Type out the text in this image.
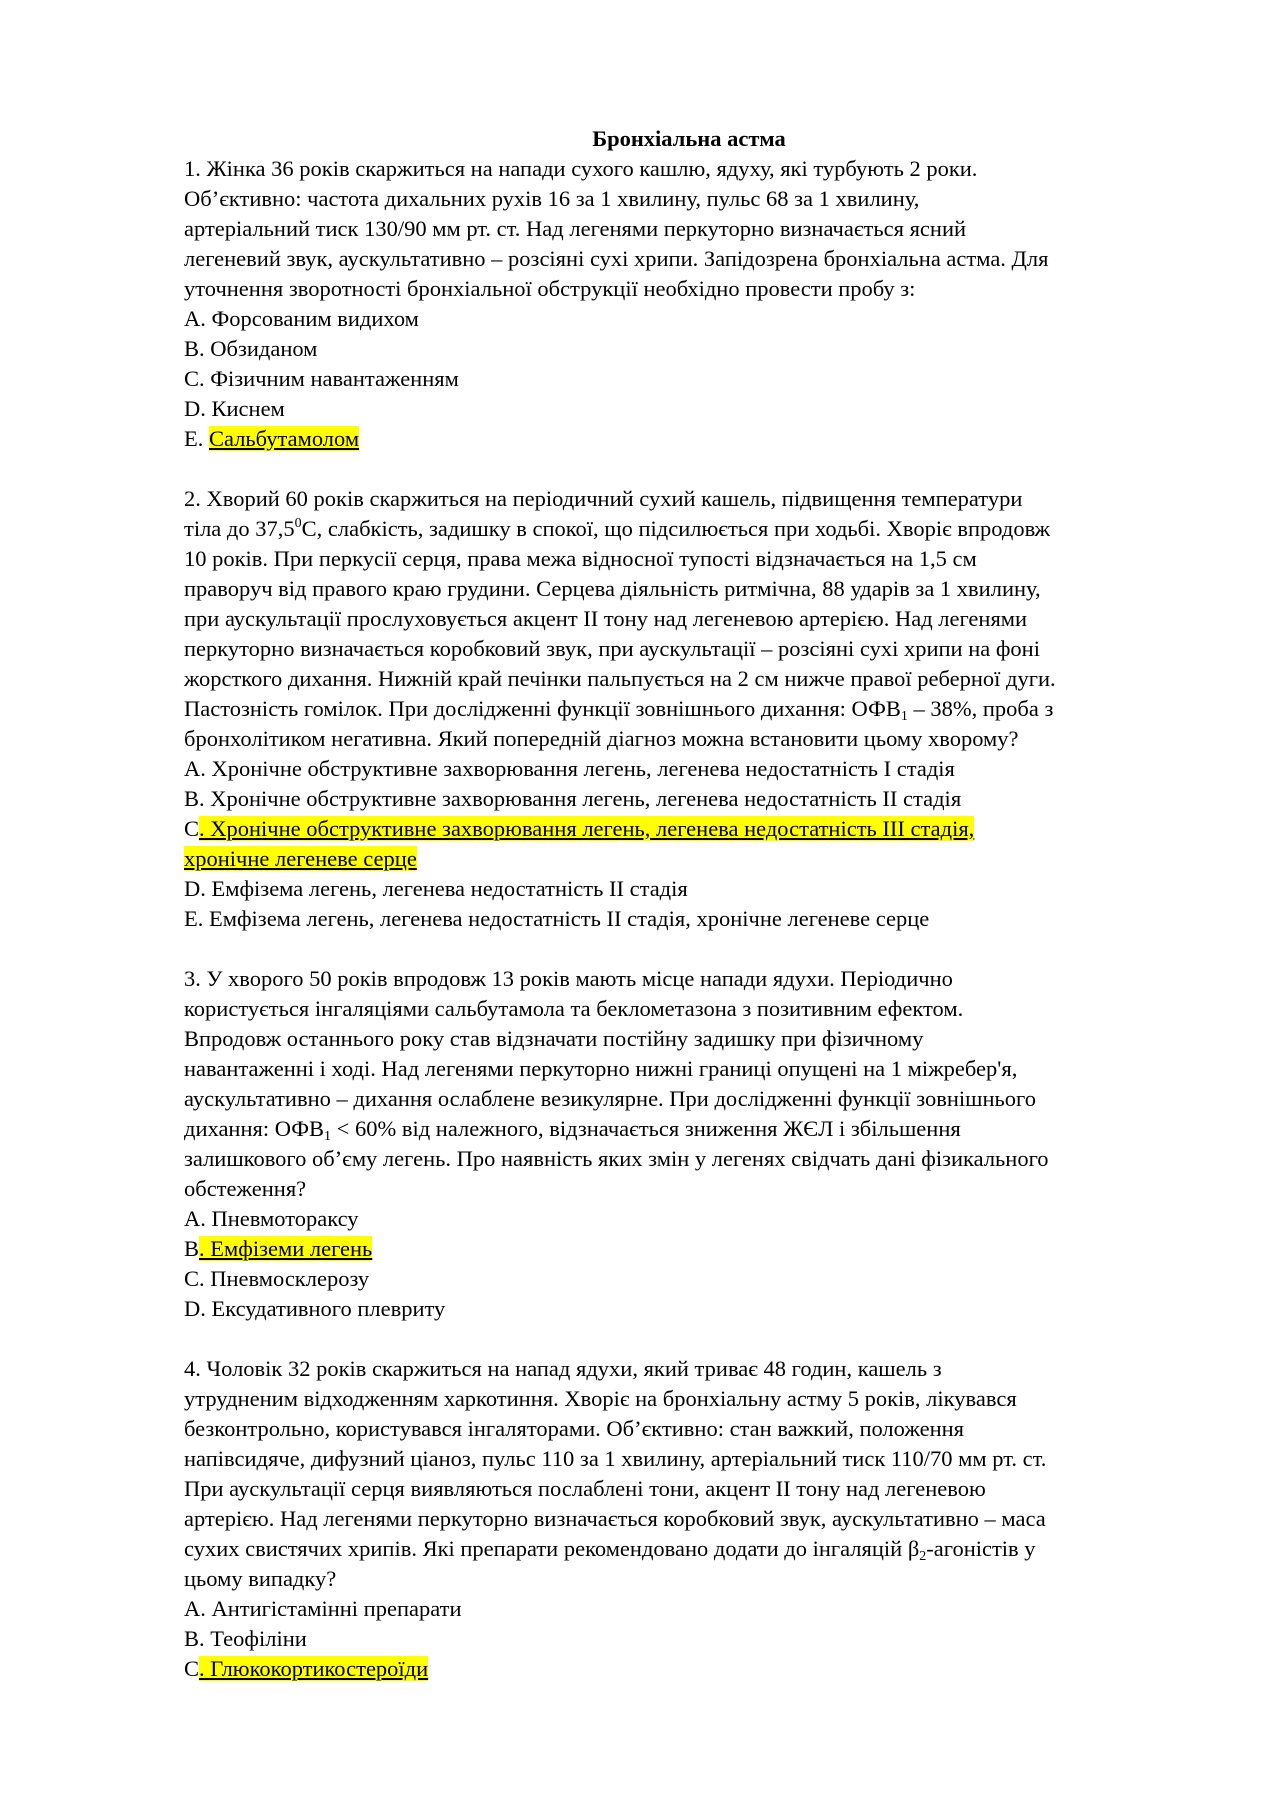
Бронхіальна астма

1. Жінка 36 років скаржиться на напади сухого кашлю, ядуху, які турбують 2 роки.

Об’єктивно: частота дихальних рухів 16 за 1 хвилину, пульс 68 за 1 хвилину,

артеріальний тиск 130/90 мм рт. ст. Над легенями перкуторно визначається ясний

легеневий звук, аускультативно – розсіяні сухі хрипи. Запідозрена бронхіальна астма. Для

уточнення зворотності бронхіальної обструкції необхідно провести пробу з:

A. Форсованим видихом

B. Обзиданом

C. Фізичним навантаженням

D. Киснем

E. Сальбутамолом

2. Хворий 60 років скаржиться на періодичний сухий кашель, підвищення температури

тіла до 37,5$^0$С, слабкість, задишку в спокої, що підсилюється при ходьбі. Хворіє впродовж

10 років. При перкусії серця, права межа відносної тупості відзначається на 1,5 см

праворуч від правого краю грудини. Серцева діяльність ритмічна, 88 ударів за 1 хвилину,

при аускультації прослуховується акцент II тону над легеневою артерією. Над легенями

перкуторно визначається коробковий звук, при аускультації – розсіяні сухі хрипи на фоні

жорсткого дихання. Нижній край печінки пальпується на 2 см нижче правої реберної дуги.

Пастозність гомілок. При дослідженні функції зовнішнього дихання: $ОФВ_1 - 38\%$, проба з

бронхолітиком негативна. Який попередній діагноз можна встановити цьому хворому?

A. Хронічне обструктивне захворювання легень, легенева недостатність I стадія

B. Хронічне обструктивне захворювання легень, легенева недостатність II стадія

C. Хронічне обструктивне захворювання легень, легенева недостатність III стадія,

хронічне легеневе серце

D. Емфізема легень, легенева недостатність II стадія

E. Емфізема легень, легенева недостатність II стадія, хронічне легеневе серце

3. У хворого 50 років впродовж 13 років мають місце напади ядухи. Періодично

користується інгаляціями сальбутамола та беклометазона з позитивним ефектом.

Впродовж останнього року став відзначати постійну задишку при фізичному

навантаженні і ході. Над легенями перкуторно нижні границі опущені на 1 міжребер'я,

аускультативно – дихання ослаблене везикулярне. При дослідженні функції зовнішнього

дихання: $ОФВ_1 < 60\%$ від належного, відзначається зниження ЖЄЛ і збільшення

залишкового об’єму легень. Про наявність яких змін у легенях свідчать дані фізикального

обстеження?

A. Пневмотораксу

B. Емфіземи легень

C. Пневмосклерозу

D. Ексудативного плевриту

4. Чоловік 32 років скаржиться на напад ядухи, який триває 48 годин, кашель з

утрудненим відходженням харкотиння. Хворіє на бронхіальну астму 5 років, лікувався

безконтрольно, користувався інгаляторами. Об’єктивно: стан важкий, положення

напівсидяче, дифузний ціаноз, пульс 110 за 1 хвилину, артеріальний тиск 110/70 мм рт. ст.

При аускультації серця виявляються послаблені тони, акцент II тону над легеневою

артерією. Над легенями перкуторно визначається коробковий звук, аускультативно – маса

сухих свистячих хрипів. Які препарати рекомендовано додати до інгаляцій $\beta_2$-агоністів у

цьому випадку?

A. Антигістамінні препарати

B. Теофіліни

C. Глюкокортикостероїди
